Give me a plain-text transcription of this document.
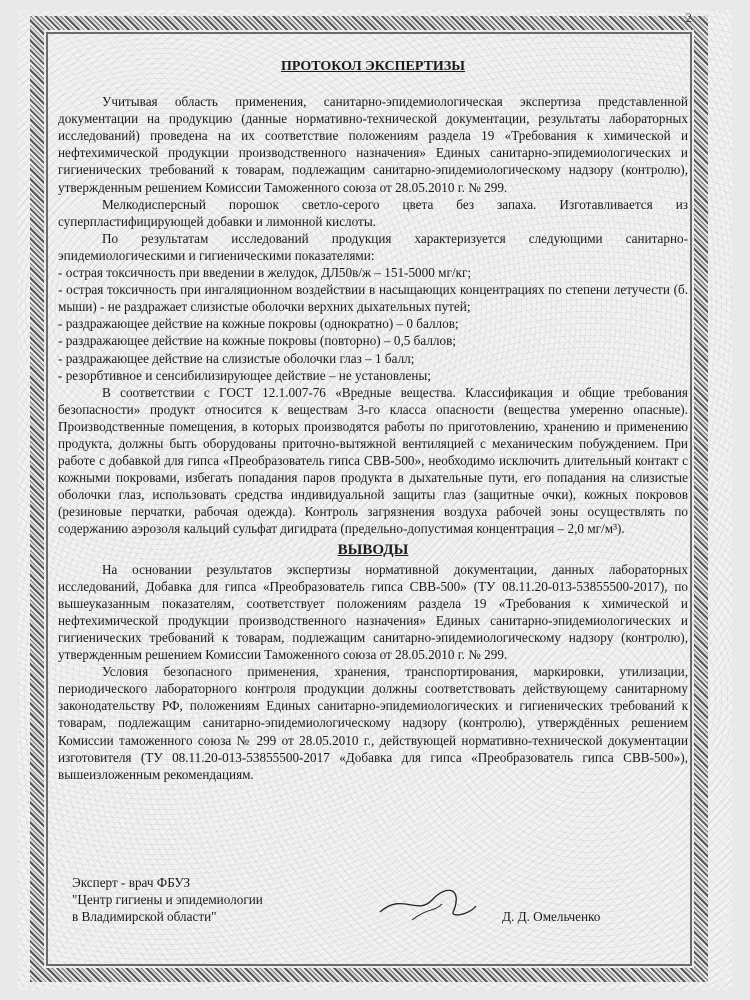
2
ПРОТОКОЛ ЭКСПЕРТИЗЫ

Учитывая область применения, санитарно-эпидемиологическая экспертиза представленной документации на продукцию (данные нормативно-технической документации, результаты лабораторных исследований) проведена на их соответствие положениям раздела 19 «Требования к химической и нефтехимической продукции производственного назначения» Единых санитарно-эпидемиологических и гигиенических требований к товарам, подлежащим санитарно-эпидемиологическому надзору (контролю), утвержденным решением Комиссии Таможенного союза от 28.05.2010 г. № 299.

Мелкодисперсный порошок светло-серого цвета без запаха. Изготавливается из суперпластифицирующей добавки и лимонной кислоты.

По результатам исследований продукция характеризуется следующими санитарно-эпидемиологическими и гигиеническими показателями:

- острая токсичность при введении в желудок, ДЛ50в/ж – 151-5000 мг/кг;
- острая токсичность при ингаляционном воздействии в насыщающих концентрациях по степени летучести (б. мыши) - не раздражает слизистые оболочки верхних дыхательных путей;
- раздражающее действие на кожные покровы (однократно) – 0 баллов;
- раздражающее действие на кожные покровы (повторно) – 0,5 баллов;
- раздражающее действие на слизистые оболочки глаз – 1 балл;
- резорбтивное и сенсибилизирующее действие – не установлены;

В соответствии с ГОСТ 12.1.007-76 «Вредные вещества. Классификация и общие требования безопасности» продукт относится к веществам 3-го класса опасности (вещества умеренно опасные). Производственные помещения, в которых производятся работы по приготовлению, хранению и применению продукта, должны быть оборудованы приточно-вытяжной вентиляцией с механическим побуждением. При работе с добавкой для гипса «Преобразователь гипса СВВ-500», необходимо исключить длительный контакт с кожными покровами, избегать попадания паров продукта в дыхательные пути, его попадания на слизистые оболочки глаз, использовать средства индивидуальной защиты глаз (защитные очки), кожных покровов (резиновые перчатки, рабочая одежда). Контроль загрязнения воздуха рабочей зоны осуществлять по содержанию аэрозоля кальций сульфат дигидрата (предельно-допустимая концентрация – 2,0 мг/м³).

ВЫВОДЫ

На основании результатов экспертизы нормативной документации, данных лабораторных исследований, Добавка для гипса «Преобразователь гипса СВВ-500» (ТУ 08.11.20-013-53855500-2017), по вышеуказанным показателям, соответствует положениям раздела 19 «Требования к химической и нефтехимической продукции производственного назначения» Единых санитарно-эпидемиологических и гигиенических требований к товарам, подлежащим санитарно-эпидемиологическому надзору (контролю), утвержденным решением Комиссии Таможенного союза от 28.05.2010 г. № 299.

Условия безопасного применения, хранения, транспортирования, маркировки, утилизации, периодического лабораторного контроля продукции должны соответствовать действующему санитарному законодательству РФ, положениям Единых санитарно-эпидемиологических и гигиенических требований к товарам, подлежащим санитарно-эпидемиологическому надзору (контролю), утверждённых решением Комиссии таможенного союза № 299 от 28.05.2010 г., действующей нормативно-технической документации изготовителя (ТУ 08.11.20-013-53855500-2017 «Добавка для гипса «Преобразователь гипса СВВ-500»), вышеизложенным рекомендациям.

Эксперт - врач ФБУЗ
"Центр гигиены и эпидемиологии
в Владимирской области"	Д. Д. Омельченко
